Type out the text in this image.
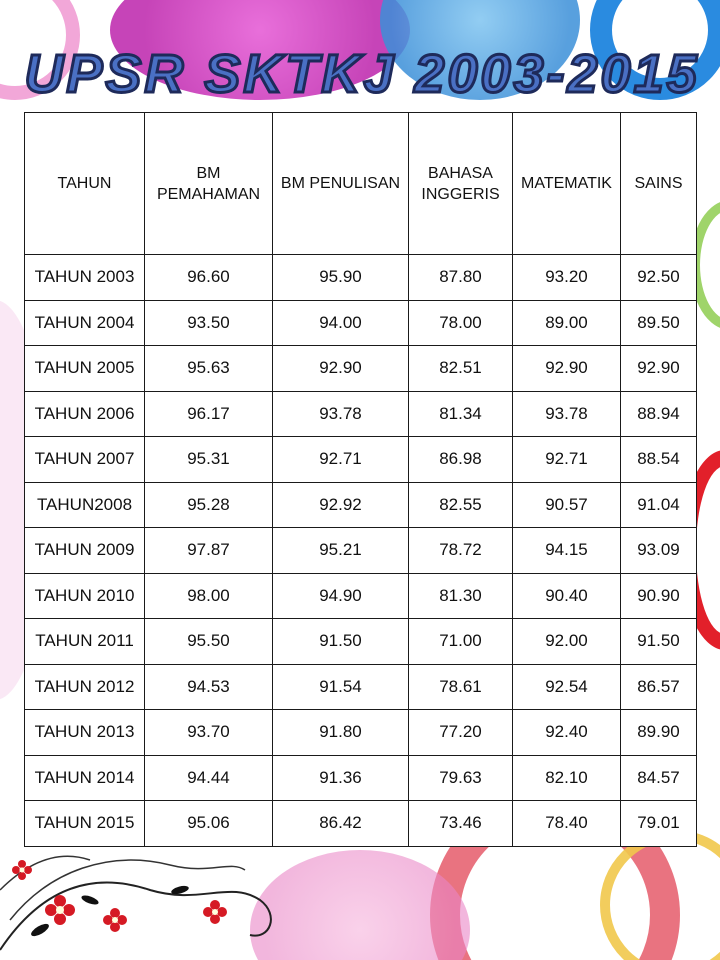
UPSR SKTKJ 2003-2015
TAHUN	BM PEMAHAMAN	BM PENULISAN	BAHASA INGGERIS	MATEMATIK	SAINS
TAHUN 2003	96.60	95.90	87.80	93.20	92.50
TAHUN 2004	93.50	94.00	78.00	89.00	89.50
TAHUN 2005	95.63	92.90	82.51	92.90	92.90
TAHUN 2006	96.17	93.78	81.34	93.78	88.94
TAHUN 2007	95.31	92.71	86.98	92.71	88.54
TAHUN2008	95.28	92.92	82.55	90.57	91.04
TAHUN 2009	97.87	95.21	78.72	94.15	93.09
TAHUN 2010	98.00	94.90	81.30	90.40	90.90
TAHUN 2011	95.50	91.50	71.00	92.00	91.50
TAHUN 2012	94.53	91.54	78.61	92.54	86.57
TAHUN 2013	93.70	91.80	77.20	92.40	89.90
TAHUN 2014	94.44	91.36	79.63	82.10	84.57
TAHUN 2015	95.06	86.42	73.46	78.40	79.01
